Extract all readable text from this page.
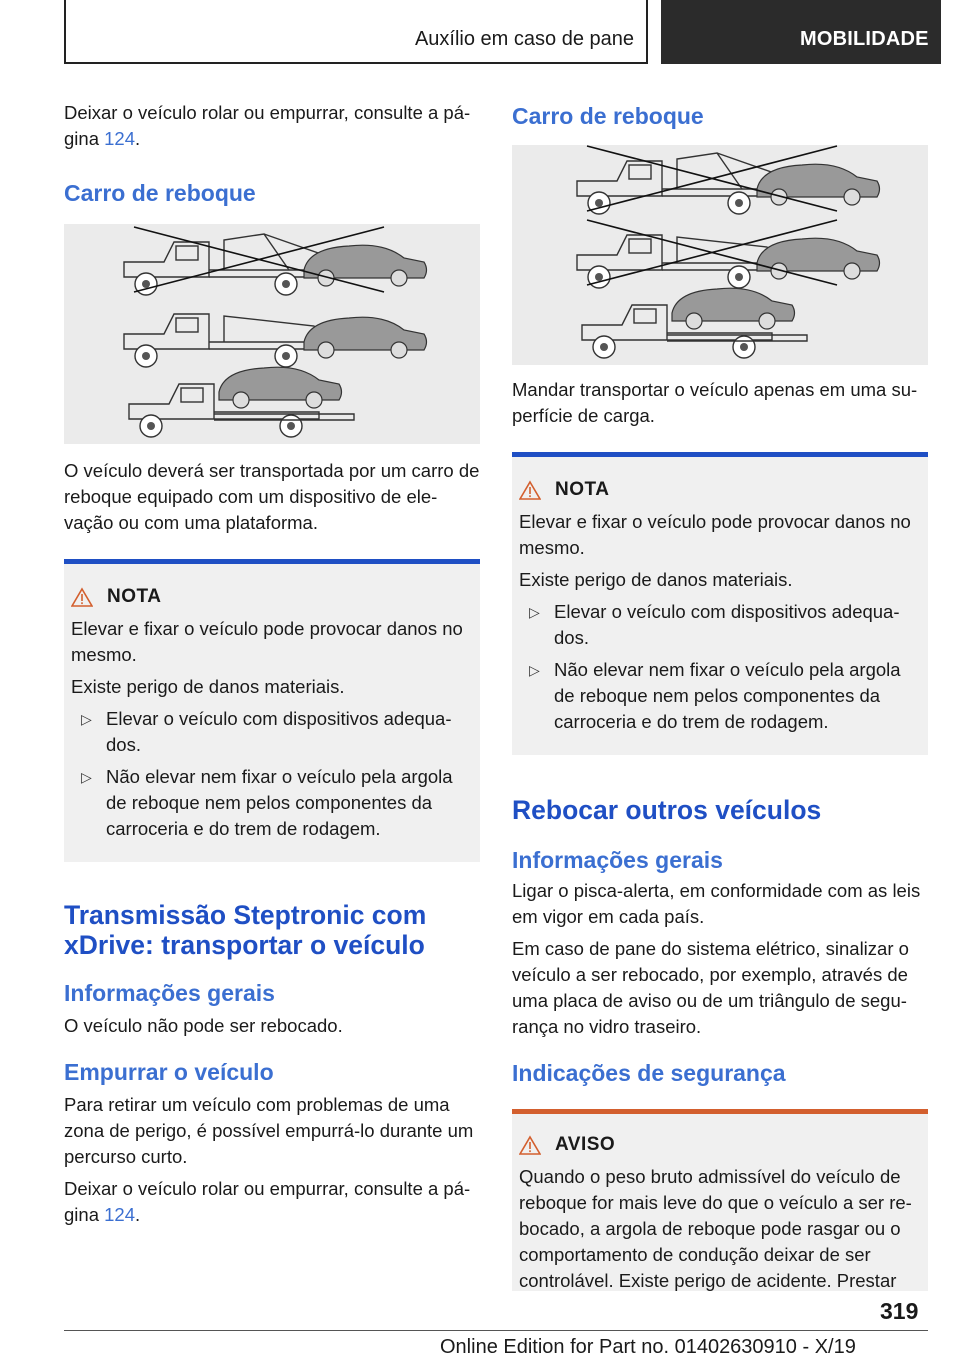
Auxílio em caso de pane	MOBILIDADE

Deixar o veículo rolar ou empurrar, consulte a pá-
gina 124.

Carro de reboque

O veículo deverá ser transportada por um carro de reboque equipado com um dispositivo de ele-vação ou com uma plataforma.

NOTA

Elevar e fixar o veículo pode provocar danos no mesmo.

Existe perigo de danos materiais.

▷ Elevar o veículo com dispositivos adequa-dos.

▷ Não elevar nem fixar o veículo pela argola de reboque nem pelos componentes da carroceria e do trem de rodagem.

Transmissão Steptronic com xDrive: transportar o veículo
Informações gerais

O veículo não pode ser rebocado.

Empurrar o veículo

Para retirar um veículo com problemas de uma zona de perigo, é possível empurrá-lo durante um percurso curto.

Deixar o veículo rolar ou empurrar, consulte a pá-
gina 124.

Carro de reboque

Mandar transportar o veículo apenas em uma su-perfície de carga.

NOTA

Elevar e fixar o veículo pode provocar danos no mesmo.

Existe perigo de danos materiais.

▷ Elevar o veículo com dispositivos adequa-dos.

▷ Não elevar nem fixar o veículo pela argola de reboque nem pelos componentes da carroceria e do trem de rodagem.

Rebocar outros veículos
Informações gerais

Ligar o pisca-alerta, em conformidade com as leis em vigor em cada país.

Em caso de pane do sistema elétrico, sinalizar o veículo a ser rebocado, por exemplo, através de uma placa de aviso ou de um triângulo de segu-rança no vidro traseiro.

Indicações de segurança
AVISO

Quando o peso bruto admissível do veículo de reboque for mais leve do que o veículo a ser re-bocado, a argola de reboque pode rasgar ou o comportamento de condução deixar de ser controlável. Existe perigo de acidente. Prestar

319
Online Edition for Part no. 01402630910 - X/19
